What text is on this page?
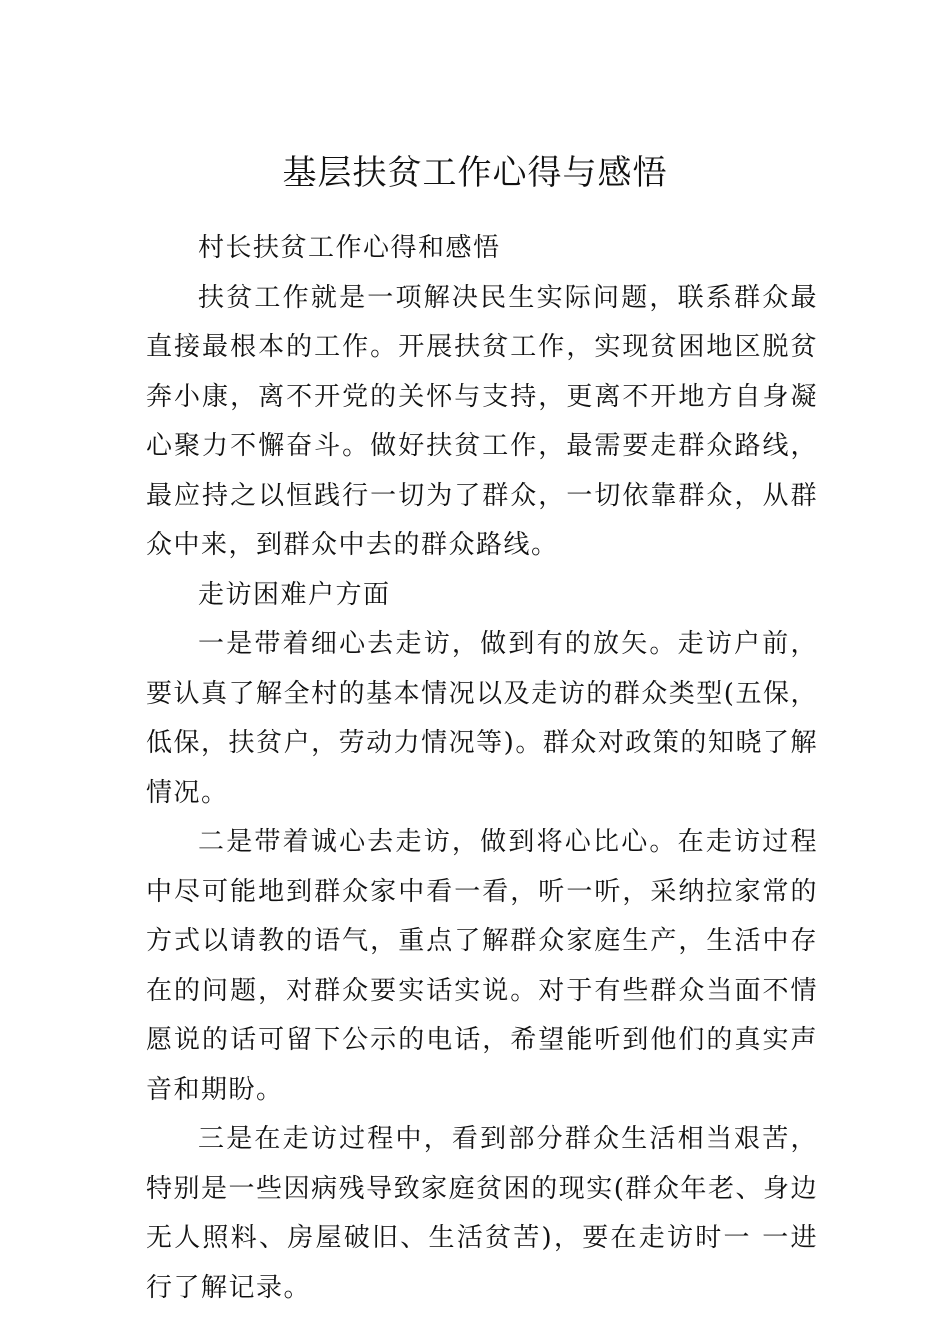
基层扶贫工作心得与感悟

村长扶贫工作心得和感悟

扶贫工作就是一项解决民生实际问题，联系群众最直接最根本的工作。开展扶贫工作，实现贫困地区脱贫奔小康，离不开党的关怀与支持，更离不开地方自身凝心聚力不懈奋斗。做好扶贫工作，最需要走群众路线，最应持之以恒践行一切为了群众，一切依靠群众，从群众中来，到群众中去的群众路线。

走访困难户方面

一是带着细心去走访，做到有的放矢。走访户前，要认真了解全村的基本情况以及走访的群众类型(五保，低保，扶贫户，劳动力情况等)。群众对政策的知晓了解情况。

二是带着诚心去走访，做到将心比心。在走访过程中尽可能地到群众家中看一看，听一听，采纳拉家常的方式以请教的语气，重点了解群众家庭生产，生活中存在的问题，对群众要实话实说。对于有些群众当面不情愿说的话可留下公示的电话，希望能听到他们的真实声音和期盼。

三是在走访过程中，看到部分群众生活相当艰苦，特别是一些因病残导致家庭贫困的现实(群众年老、身边无人照料、房屋破旧、生活贫苦)，要在走访时一 一进行了解记录。
